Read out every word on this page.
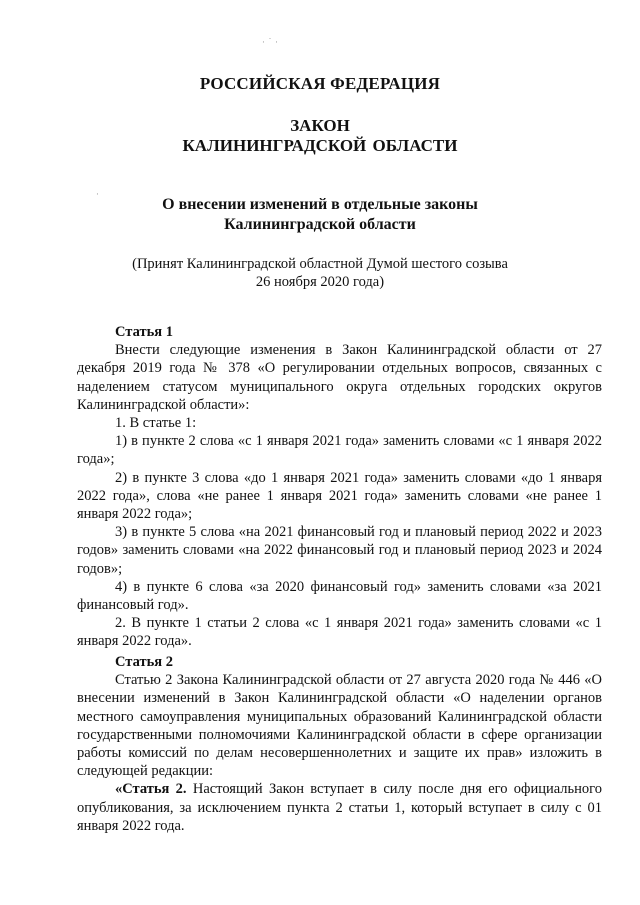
· ˙ ·
·
РОССИЙСКАЯ ФЕДЕРАЦИЯ
ЗАКОН
КАЛИНИНГРАДСКОЙ ОБЛАСТИ
О внесении изменений в отдельные законы
Калининградской области
(Принят Калининградской областной Думой шестого созыва
26 ноября 2020 года)

Статья 1

Внести следующие изменения в Закон Калининградской области от 27 декабря 2019 года № 378 «О регулировании отдельных вопросов, связанных с наделением статусом муниципального округа отдельных городских округов Калининградской области»:

1. В статье 1:

1) в пункте 2 слова «с 1 января 2021 года» заменить словами «с 1 января 2022 года»;

2) в пункте 3 слова «до 1 января 2021 года» заменить словами «до 1 января 2022 года», слова «не ранее 1 января 2021 года» заменить словами «не ранее 1 января 2022 года»;

3) в пункте 5 слова «на 2021 финансовый год и плановый период 2022 и 2023 годов» заменить словами «на 2022 финансовый год и плановый период 2023 и 2024 годов»;

4) в пункте 6 слова «за 2020 финансовый год» заменить словами «за 2021 финансовый год».

2. В пункте 1 статьи 2 слова «с 1 января 2021 года» заменить словами «с 1 января 2022 года».

Статья 2

Статью 2 Закона Калининградской области от 27 августа 2020 года № 446 «О внесении изменений в Закон Калининградской области «О наделении органов местного самоуправления муниципальных образований Калининградской области государственными полномочиями Калининградской области в сфере организации работы комиссий по делам несовершеннолетних и защите их прав» изложить в следующей редакции:

«Статья 2. Настоящий Закон вступает в силу после дня его официального опубликования, за исключением пункта 2 статьи 1, который вступает в силу с 01 января 2022 года.
